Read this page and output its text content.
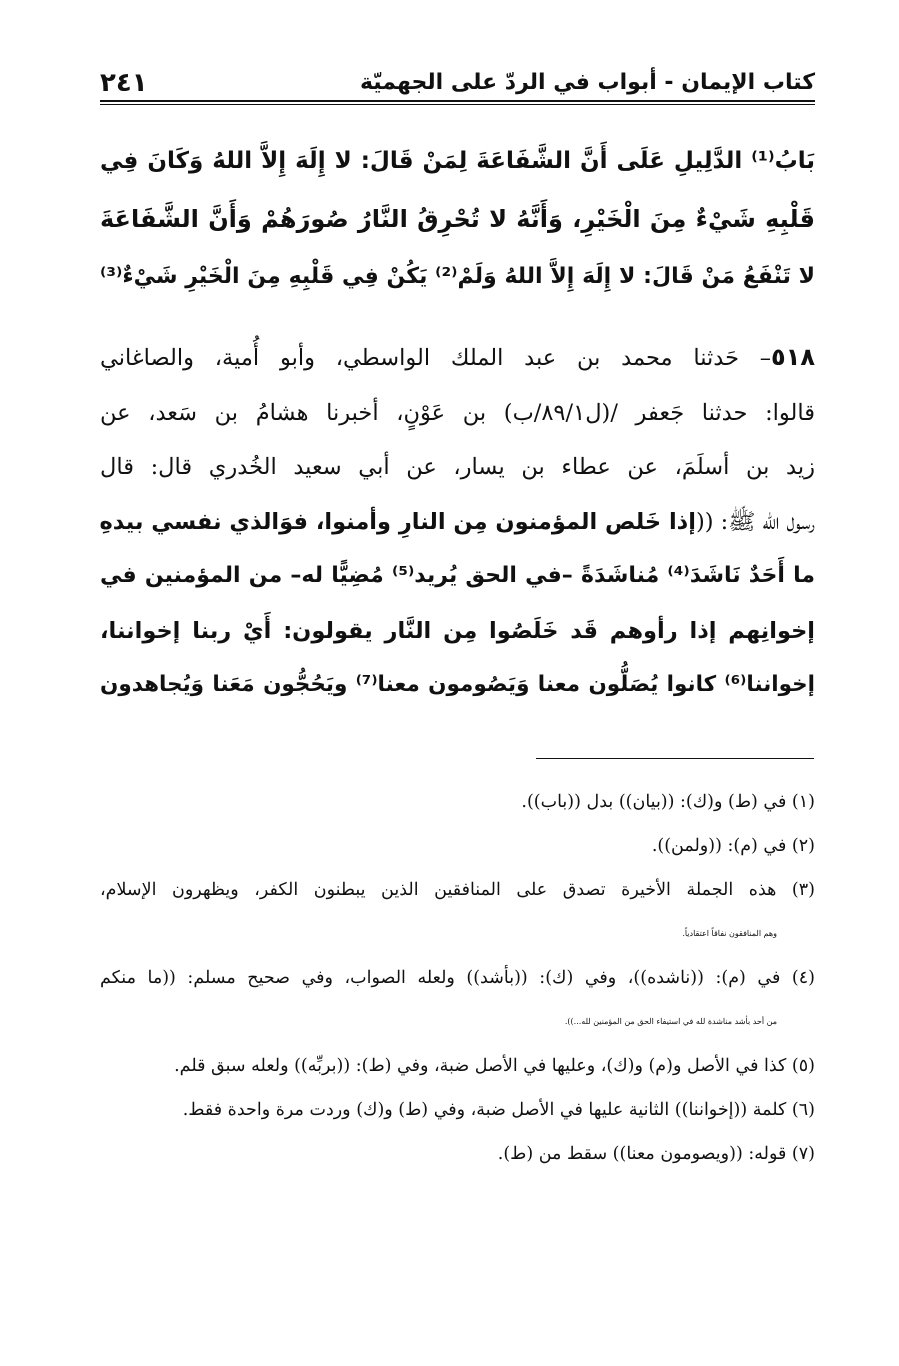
كتاب الإيمان - أبواب في الردّ على الجهميّة
٢٤١
بَابُ⁽¹⁾ الدَّلِيلِ عَلَى أَنَّ الشَّفَاعَةَ لِمَنْ قَالَ: لا إِلَهَ إِلاَّ اللهُ وَكَانَ فِي
قَلْبِهِ شَيْءٌ مِنَ الْخَيْرِ، وَأَنَّهُ لا تُحْرِقُ النَّارُ صُورَهُمْ وَأَنَّ الشَّفَاعَةَ
لا تَنْفَعُ مَنْ قَالَ: لا إِلَهَ إِلاَّ اللهُ وَلَمْ⁽²⁾ يَكُنْ فِي قَلْبِهِ مِنَ الْخَيْرِ شَيْءٌ⁽³⁾
٥١٨– حَدثنا محمد بن عبد الملك الواسطي، وأبو أُمية، والصاغاني
قالوا: حدثنا جَعفر /(ل٨٩/١/ب) بن عَوْنٍ، أخبرنا هشامُ بن سَعد، عن
زيد بن أسلَمَ، عن عطاء بن يسار، عن أبي سعيد الخُدري قال: قال
رسول الله ﷺ: ((إذا خَلص المؤمنون مِن النارِ وأمنوا، فوَالذي نفسي بيدهِ
ما أَحَدٌ نَاشَدَ⁽⁴⁾ مُناشَدَةً –في الحق يُريد⁽⁵⁾ مُضِيًّا له– من المؤمنين في
إخوانِهم إذا رأوهم قَد خَلَصُوا مِن النَّار يقولون: أَيْ ربنا إخواننا،
إخواننا⁽⁶⁾ كانوا يُصَلُّون معنا وَيَصُومون معنا⁽⁷⁾ ويَحُجُّون مَعَنا وَيُجاهدون
(١) في (ط) و(ك): ((بيان)) بدل ((باب)).
(٢) في (م): ((ولمن)).
(٣) هذه الجملة الأخيرة تصدق على المنافقين الذين يبطنون الكفر، ويظهرون الإسلام،
وهم المنافقون نفاقاً اعتقادياً.
(٤) في (م): ((ناشده))، وفي (ك): ((بأشد)) ولعله الصواب، وفي صحيح مسلم: ((ما منكم
من أحد بأشد مناشدة لله في استيفاء الحق من المؤمنين لله...)).
(٥) كذا في الأصل و(م) و(ك)، وعليها في الأصل ضبة، وفي (ط): ((بربِّه)) ولعله سبق قلم.
(٦) كلمة ((إخواننا)) الثانية عليها في الأصل ضبة، وفي (ط) و(ك) وردت مرة واحدة فقط.
(٧) قوله: ((ويصومون معنا)) سقط من (ط).
